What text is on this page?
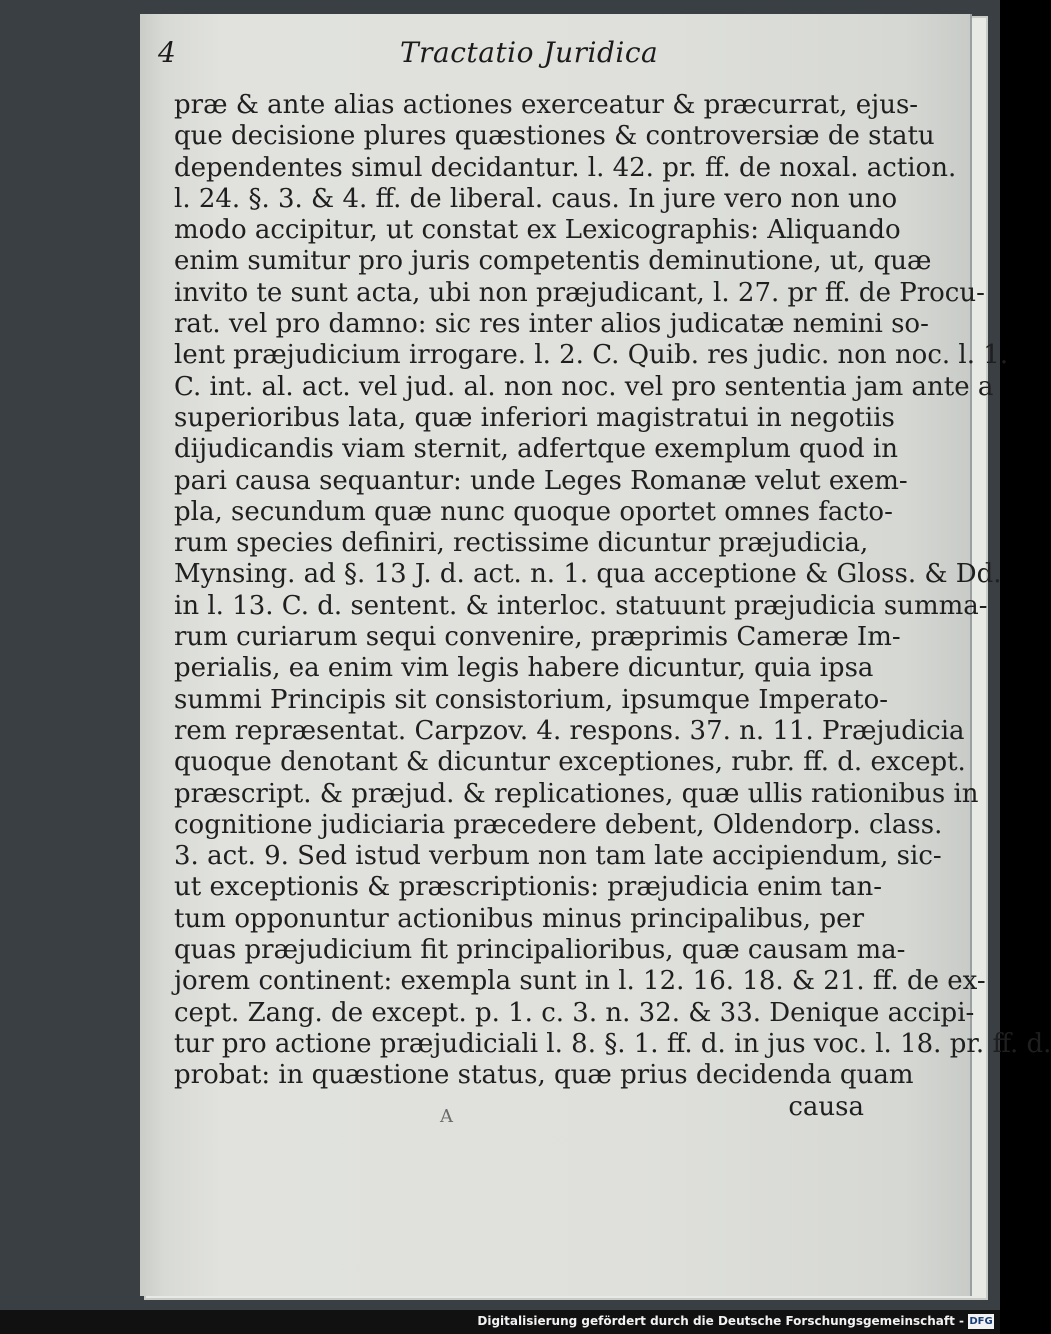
4	Tractatio Juridica
præ & ante alias actiones exerceatur & præcurrat, ejus-
que decisione plures quæstiones & controversiæ de statu
dependentes simul decidantur. l. 42. pr. ff. de noxal. action.
l. 24. §. 3. & 4. ff. de liberal. caus. In jure vero non uno
modo accipitur, ut constat ex Lexicographis: Aliquando
enim sumitur pro juris competentis deminutione, ut, quæ
invito te sunt acta, ubi non præjudicant, l. 27. pr ff. de Procu-
rat. vel pro damno: sic res inter alios judicatæ nemini so-
lent præjudicium irrogare. l. 2. C. Quib. res judic. non noc. l. 1.
C. int. al. act. vel jud. al. non noc. vel pro sententia jam ante a
superioribus lata, quæ inferiori magistratui in negotiis
dijudicandis viam sternit, adfertque exemplum quod in
pari causa sequantur: unde Leges Romanæ velut exem-
pla, secundum quæ nunc quoque oportet omnes facto-
rum species definiri, rectissime dicuntur præjudicia,
Mynsing. ad §. 13 J. d. act. n. 1. qua acceptione & Gloss. & Dd.
in l. 13. C. d. sentent. & interloc. statuunt præjudicia summa-
rum curiarum sequi convenire, præprimis Cameræ Im-
perialis, ea enim vim legis habere dicuntur, quia ipsa
summi Principis sit consistorium, ipsumque Imperato-
rem repræsentat. Carpzov. 4. respons. 37. n. 11. Præjudicia
quoque denotant & dicuntur exceptiones, rubr. ff. d. except.
præscript. & præjud. & replicationes, quæ ullis rationibus in
cognitione judiciaria præcedere debent, Oldendorp. class.
3. act. 9. Sed istud verbum non tam late accipiendum, sic-
ut exceptionis & præscriptionis: præjudicia enim tan-
tum opponuntur actionibus minus principalibus, per
quas præjudicium fit principalioribus, quæ causam ma-
jorem continent: exempla sunt in l. 12. 16. 18. & 21. ff. de ex-
cept. Zang. de except. p. 1. c. 3. n. 32. & 33. Denique accipi-
tur pro actione præjudiciali l. 8. §. 1. ff. d. in jus voc. l. 18. pr. ff. d.
probat: in quæstione status, quæ prius decidenda quam
causa
A
Digitalisierung gefördert durch die Deutsche Forschungsgemeinschaft - DFG
